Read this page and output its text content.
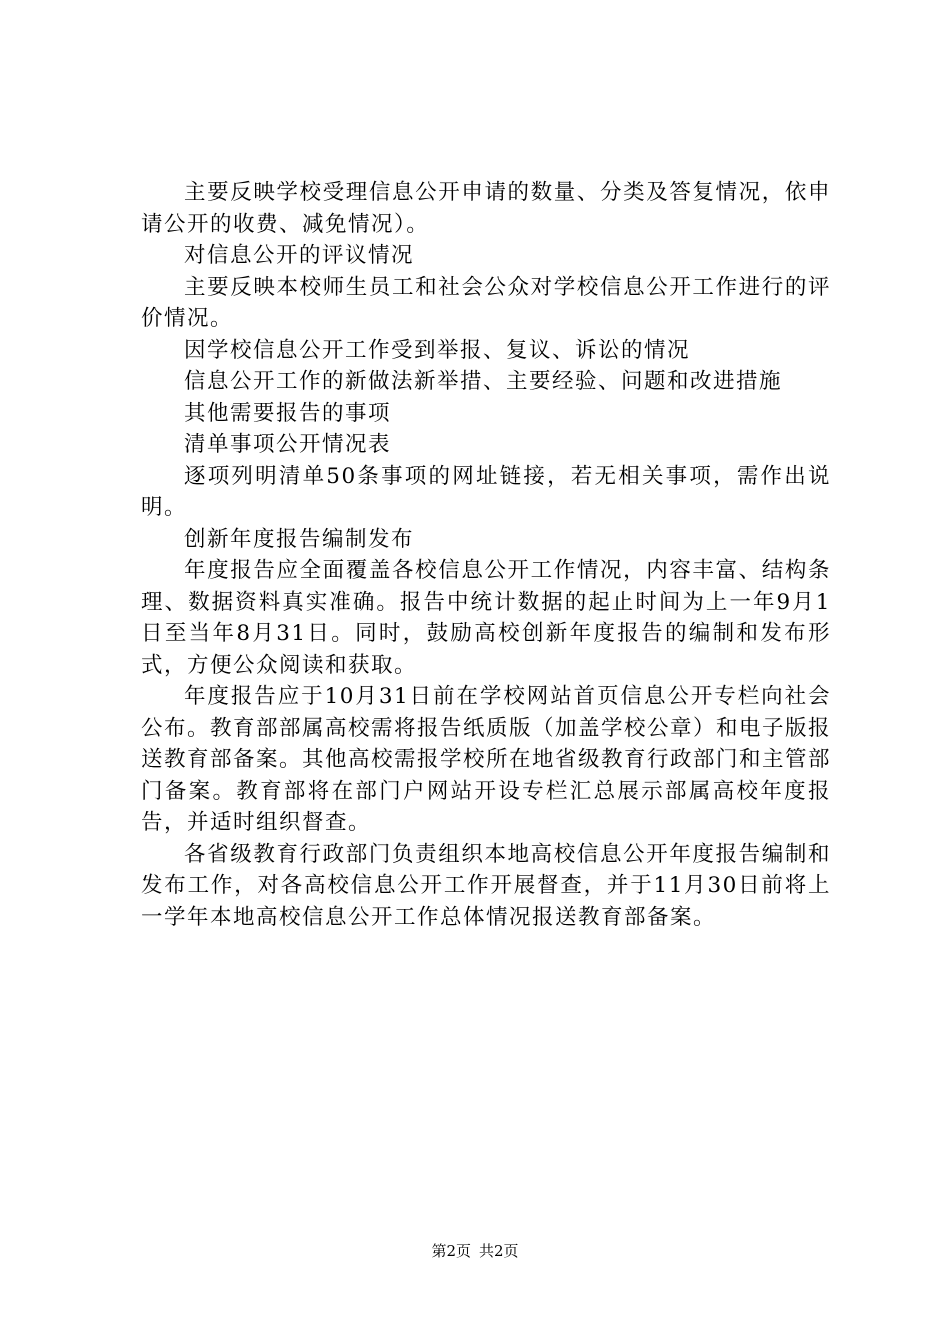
主要反映学校受理信息公开申请的数量、分类及答复情况，依申请公开的收费、减免情况）。

对信息公开的评议情况

主要反映本校师生员工和社会公众对学校信息公开工作进行的评价情况。

因学校信息公开工作受到举报、复议、诉讼的情况

信息公开工作的新做法新举措、主要经验、问题和改进措施

其他需要报告的事项

清单事项公开情况表

逐项列明清单50条事项的网址链接，若无相关事项，需作出说明。

创新年度报告编制发布

年度报告应全面覆盖各校信息公开工作情况，内容丰富、结构条理、数据资料真实准确。报告中统计数据的起止时间为上一年9月1日至当年8月31日。同时，鼓励高校创新年度报告的编制和发布形式，方便公众阅读和获取。

年度报告应于10月31日前在学校网站首页信息公开专栏向社会公布。教育部部属高校需将报告纸质版（加盖学校公章）和电子版报送教育部备案。其他高校需报学校所在地省级教育行政部门和主管部门备案。教育部将在部门户网站开设专栏汇总展示部属高校年度报告，并适时组织督查。

各省级教育行政部门负责组织本地高校信息公开年度报告编制和发布工作，对各高校信息公开工作开展督查，并于11月30日前将上一学年本地高校信息公开工作总体情况报送教育部备案。

第2页 共2页
